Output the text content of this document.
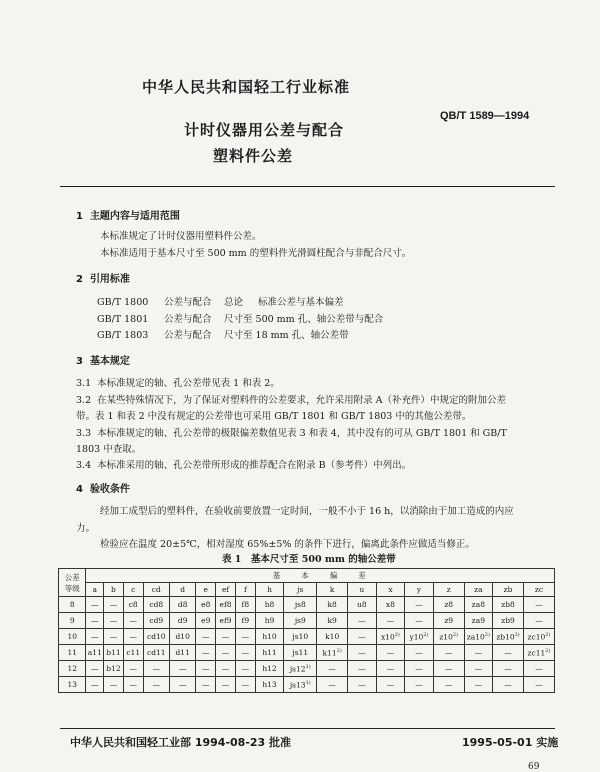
中华人民共和国轻工行业标准
QB/T 1589—1994
计时仪器用公差与配合
塑料件公差
1 主题内容与适用范围
本标准规定了计时仪器用塑料件公差。
本标准适用于基本尺寸至 500 mm 的塑料件光滑圆柱配合与非配合尺寸。
2 引用标准
GB/T 1800 公差与配合 总论 标准公差与基本偏差
GB/T 1801 公差与配合 尺寸至 500 mm 孔、轴公差带与配合
GB/T 1803 公差与配合 尺寸至 18 mm 孔、轴公差带
3 基本规定
3.1 本标准规定的轴、孔公差带见表 1 和表 2。
3.2 在某些特殊情况下，为了保证对塑料件的公差要求，允许采用附录 A（补充件）中规定的附加公差
带。表 1 和表 2 中没有规定的公差带也可采用 GB/T 1801 和 GB/T 1803 中的其他公差带。
3.3 本标准规定的轴、孔公差带的极限偏差数值见表 3 和表 4，其中没有的可从 GB/T 1801 和 GB/T
1803 中查取。
3.4 本标准采用的轴、孔公差带所形成的推荐配合在附录 B（参考件）中列出。
4 验收条件
经加工成型后的塑料件，在验收前要放置一定时间，一般不小于 16 h，以消除由于加工造成的内应
力。
检验应在温度 20±5℃，相对湿度 65%±5% 的条件下进行，偏离此条件应做适当修正。
表 1　基本尺寸至 500 mm 的轴公差带
公差
等级	基　　本　　偏　　差																	
	a	b	c	cd	d	e	ef	f	h	js	k	u	x	y	z	za	zb	zc
8	—	—	c8	cd8	d8	e8	ef8	f8	h8	js8	k8	u8	x8	—	z8	za8	zb8	—
9	—	—	—	cd9	d9	e9	ef9	f9	h9	js9	k9	—	—	—	z9	za9	zb9	—
10	—	—	—	cd10	d10	—	—	—	h10	js10	k10	—	x10$^{2)}$	y10$^{2)}$	z10$^{2)}$	za10$^{2)}$	zb10$^{2)}$	zc10$^{2)}$
11	a11	b11	c11	cd11	d11	—	—	—	h11	js11	k11$^{2)}$	—	—	—	—	—	—	zc11$^{2)}$
12	—	b12	—	—	—	—	—	—	h12	js12$^{1)}$	—	—	—	—	—	—	—	—
13	—	—	—	—	—	—	—	—	h13	js13$^{1)}$	—	—	—	—	—	—	—	—
中华人民共和国轻工业部 1994-08-23 批准	1995-05-01 实施
69
